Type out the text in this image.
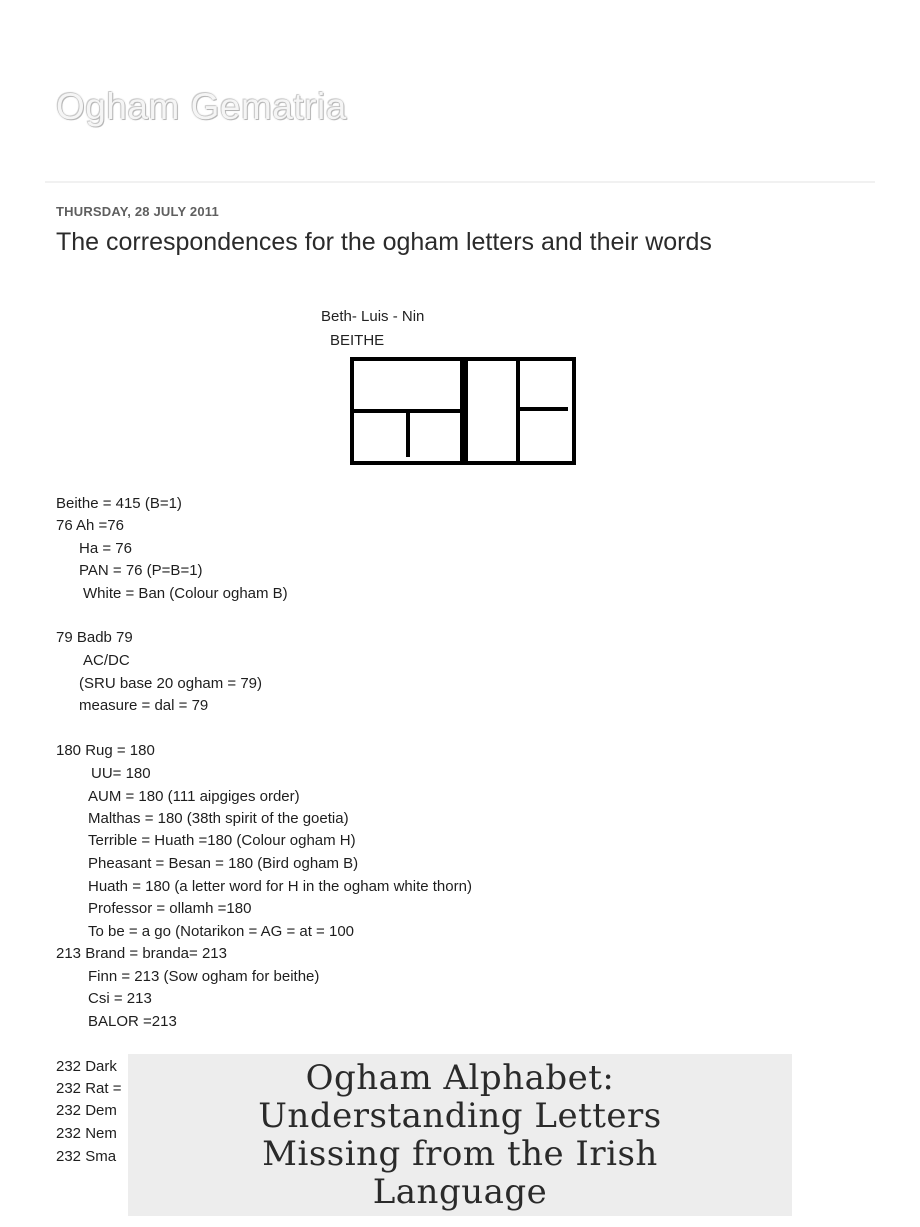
Ogham Gematria
THURSDAY, 28 JULY 2011
The correspondences for the ogham letters and their words
Beth- Luis - Nin
BEITHE
Beithe = 415 (B=1)
76 Ah =76
Ha = 76
PAN = 76 (P=B=1)
White = Ban (Colour ogham B)
79 Badb 79
AC/DC
(SRU base 20 ogham = 79)
measure = dal = 79
180 Rug = 180
UU= 180
AUM = 180 (111 aipgiges order)
Malthas = 180 (38th spirit of the goetia)
Terrible = Huath =180 (Colour ogham H)
Pheasant = Besan = 180 (Bird ogham B)
Huath = 180 (a letter word for H in the ogham white thorn)
Professor = ollamh =180
To be = a go (Notarikon = AG = at = 100
213 Brand = branda= 213
Finn = 213 (Sow ogham for beithe)
Csi = 213
BALOR =213
232 Dark
232 Rat =
232 Dem
232 Nem
232 Sma
Ogham Alphabet:
Understanding Letters
Missing from the Irish
Language
